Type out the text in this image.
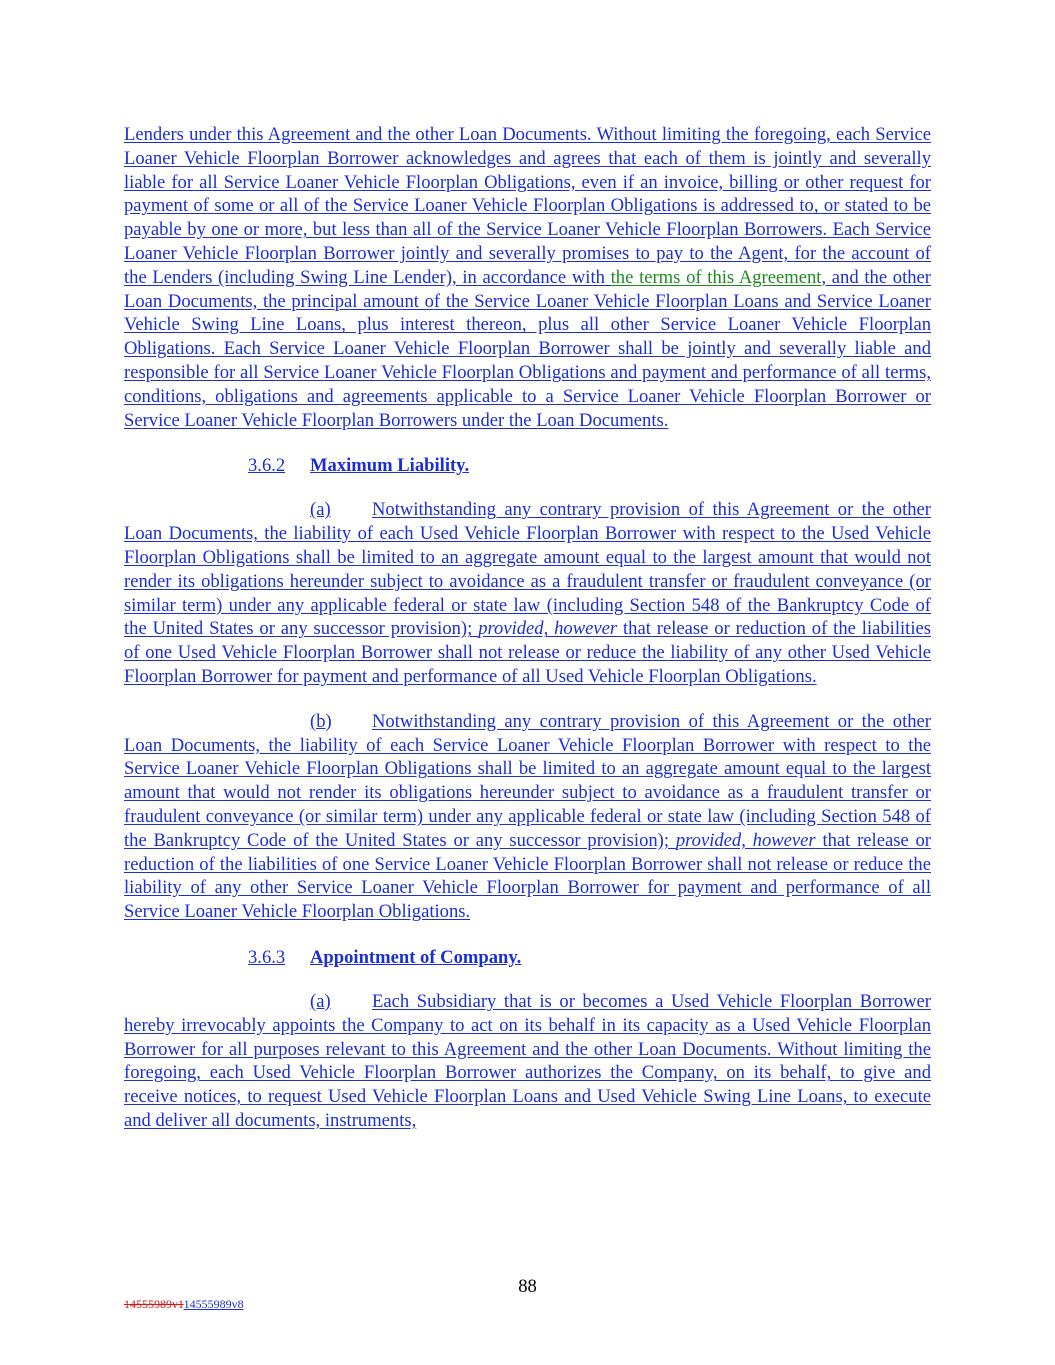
Lenders under this Agreement and the other Loan Documents. Without limiting the foregoing, each Service Loaner Vehicle Floorplan Borrower acknowledges and agrees that each of them is jointly and severally liable for all Service Loaner Vehicle Floorplan Obligations, even if an invoice, billing or other request for payment of some or all of the Service Loaner Vehicle Floorplan Obligations is addressed to, or stated to be payable by one or more, but less than all of the Service Loaner Vehicle Floorplan Borrowers. Each Service Loaner Vehicle Floorplan Borrower jointly and severally promises to pay to the Agent, for the account of the Lenders (including Swing Line Lender), in accordance with the terms of this Agreement, and the other Loan Documents, the principal amount of the Service Loaner Vehicle Floorplan Loans and Service Loaner Vehicle Swing Line Loans, plus interest thereon, plus all other Service Loaner Vehicle Floorplan Obligations. Each Service Loaner Vehicle Floorplan Borrower shall be jointly and severally liable and responsible for all Service Loaner Vehicle Floorplan Obligations and payment and performance of all terms, conditions, obligations and agreements applicable to a Service Loaner Vehicle Floorplan Borrower or Service Loaner Vehicle Floorplan Borrowers under the Loan Documents.

3.6.2 Maximum Liability.

(a) Notwithstanding any contrary provision of this Agreement or the other Loan Documents, the liability of each Used Vehicle Floorplan Borrower with respect to the Used Vehicle Floorplan Obligations shall be limited to an aggregate amount equal to the largest amount that would not render its obligations hereunder subject to avoidance as a fraudulent transfer or fraudulent conveyance (or similar term) under any applicable federal or state law (including Section 548 of the Bankruptcy Code of the United States or any successor provision); provided, however that release or reduction of the liabilities of one Used Vehicle Floorplan Borrower shall not release or reduce the liability of any other Used Vehicle Floorplan Borrower for payment and performance of all Used Vehicle Floorplan Obligations.

(b) Notwithstanding any contrary provision of this Agreement or the other Loan Documents, the liability of each Service Loaner Vehicle Floorplan Borrower with respect to the Service Loaner Vehicle Floorplan Obligations shall be limited to an aggregate amount equal to the largest amount that would not render its obligations hereunder subject to avoidance as a fraudulent transfer or fraudulent conveyance (or similar term) under any applicable federal or state law (including Section 548 of the Bankruptcy Code of the United States or any successor provision); provided, however that release or reduction of the liabilities of one Service Loaner Vehicle Floorplan Borrower shall not release or reduce the liability of any other Service Loaner Vehicle Floorplan Borrower for payment and performance of all Service Loaner Vehicle Floorplan Obligations.

3.6.3 Appointment of Company.

(a) Each Subsidiary that is or becomes a Used Vehicle Floorplan Borrower hereby irrevocably appoints the Company to act on its behalf in its capacity as a Used Vehicle Floorplan Borrower for all purposes relevant to this Agreement and the other Loan Documents. Without limiting the foregoing, each Used Vehicle Floorplan Borrower authorizes the Company, on its behalf, to give and receive notices, to request Used Vehicle Floorplan Loans and Used Vehicle Swing Line Loans, to execute and deliver all documents, instruments,

88
14555989v114555989v8
